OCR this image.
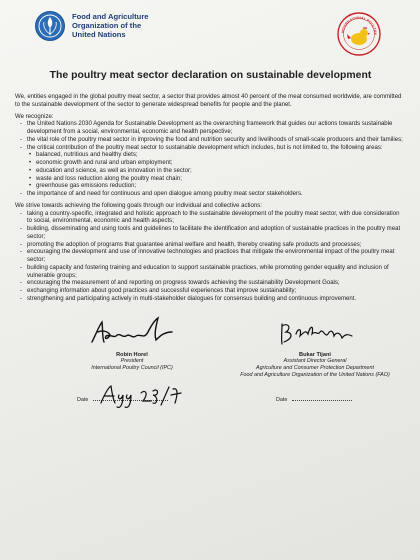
Food and Agriculture
Organization of the
United Nations	INTERNATIONAL POULTRY
The poultry meat sector declaration on sustainable development

We, entities engaged in the global poultry meat sector, a sector that provides almost 40 percent of the meat consumed worldwide, are committed to the sustainable development of the sector to generate widespread benefits for people and the planet.

We recognize:

- the United Nations 2030 Agenda for Sustainable Development as the overarching framework that guides our actions towards sustainable development from a social, environmental, economic and health perspective;
- the vital role of the poultry meat sector in improving the food and nutrition security and livelihoods of small-scale producers and their families;
- the critical contribution of the poultry meat sector to sustainable development which includes, but is not limited to, the following areas:
• balanced, nutritious and healthy diets;
• economic growth and rural and urban employment;
• education and science, as well as innovation in the sector;
• waste and loss reduction along the poultry meat chain;
• greenhouse gas emissions reduction;
- the importance of and need for continuous and open dialogue among poultry meat sector stakeholders.

We strive towards achieving the following goals through our individual and collective actions:

- taking a country-specific, integrated and holistic approach to the sustainable development of the poultry meat sector, with due consideration to social, environmental, economic and health aspects;
- building, disseminating and using tools and guidelines to facilitate the identification and adoption of sustainable practices in the poultry meat sector;
- promoting the adoption of programs that guarantee animal welfare and health, thereby creating safe products and processes;
- encouraging the development and use of innovative technologies and practices that mitigate the environmental impact of the poultry meat sector;
- building capacity and fostering training and education to support sustainable practices, while promoting gender equality and inclusion of vulnerable groups;
- encouraging the measurement of and reporting on progress towards achieving the sustainability Development Goals;
- exchanging information about good practices and successful experiences that improve sustainability;
- strengthening and participating actively in multi-stakeholder dialogues for consensus building and continuous improvement.
Robin Horel
President
International Poultry Council (IPC)
Bukar Tijani
Assistant Director General
Agriculture and Consumer Protection Department
Food and Agriculture Organization of the United Nations (FAO)
Date	Date
